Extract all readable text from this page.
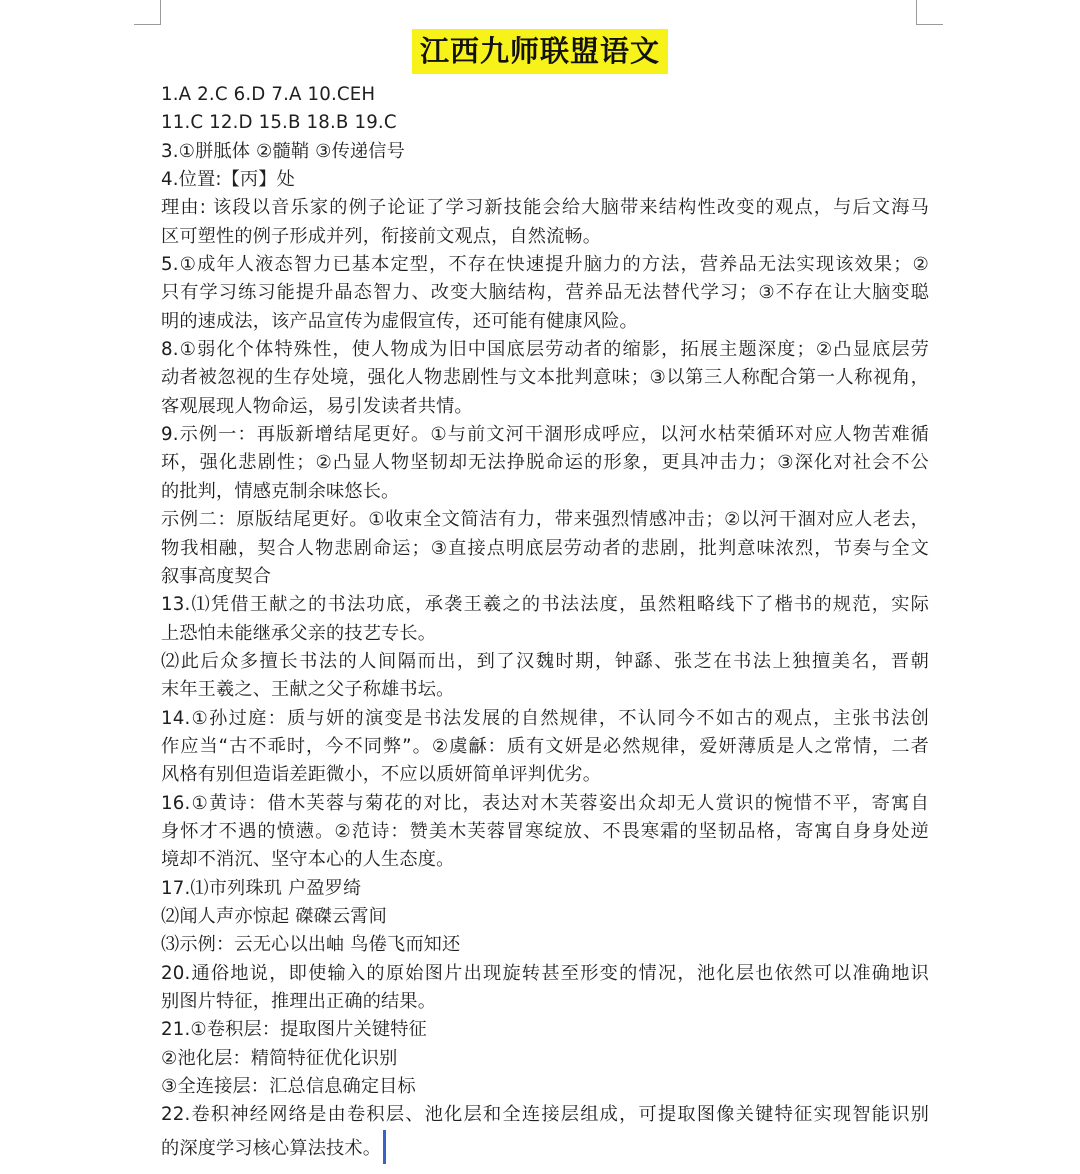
江西九师联盟语文
1.A 2.C 6.D 7.A 10.CEH
11.C 12.D 15.B 18.B 19.C
3.①胼胝体 ②髓鞘 ③传递信号
4.位置:【丙】处
理由: 该段以音乐家的例子论证了学习新技能会给大脑带来结构性改变的观点，与后文海马
区可塑性的例子形成并列，衔接前文观点，自然流畅。
5.①成年人液态智力已基本定型，不存在快速提升脑力的方法，营养品无法实现该效果；②
只有学习练习能提升晶态智力、改变大脑结构，营养品无法替代学习；③不存在让大脑变聪
明的速成法，该产品宣传为虚假宣传，还可能有健康风险。
8.①弱化个体特殊性，使人物成为旧中国底层劳动者的缩影，拓展主题深度；②凸显底层劳
动者被忽视的生存处境，强化人物悲剧性与文本批判意味；③以第三人称配合第一人称视角，
客观展现人物命运，易引发读者共情。
9.示例一：再版新增结尾更好。①与前文河干涸形成呼应，以河水枯荣循环对应人物苦难循
环，强化悲剧性；②凸显人物坚韧却无法挣脱命运的形象，更具冲击力；③深化对社会不公
的批判，情感克制余味悠长。
示例二：原版结尾更好。①收束全文简洁有力，带来强烈情感冲击；②以河干涸对应人老去，
物我相融，契合人物悲剧命运；③直接点明底层劳动者的悲剧，批判意味浓烈，节奏与全文
叙事高度契合
13.⑴凭借王献之的书法功底，承袭王羲之的书法法度，虽然粗略线下了楷书的规范，实际
上恐怕未能继承父亲的技艺专长。
⑵此后众多擅长书法的人间隔而出，到了汉魏时期，钟繇、张芝在书法上独擅美名，晋朝
末年王羲之、王献之父子称雄书坛。
14.①孙过庭：质与妍的演变是书法发展的自然规律，不认同今不如古的观点，主张书法创
作应当“古不乖时，今不同弊”。②虞龢：质有文妍是必然规律，爱妍薄质是人之常情，二者
风格有别但造诣差距微小，不应以质妍简单评判优劣。
16.①黄诗：借木芙蓉与菊花的对比，表达对木芙蓉姿出众却无人赏识的惋惜不平，寄寓自
身怀才不遇的愤懑。②范诗：赞美木芙蓉冒寒绽放、不畏寒霜的坚韧品格，寄寓自身身处逆
境却不消沉、坚守本心的人生态度。
17.⑴市列珠玑 户盈罗绮
⑵闻人声亦惊起 磔磔云霄间
⑶示例：云无心以出岫 鸟倦飞而知还
20.通俗地说，即使输入的原始图片出现旋转甚至形变的情况，池化层也依然可以准确地识
别图片特征，推理出正确的结果。
21.①卷积层：提取图片关键特征
②池化层：精简特征优化识别
③全连接层：汇总信息确定目标
22.卷积神经网络是由卷积层、池化层和全连接层组成，可提取图像关键特征实现智能识别
的深度学习核心算法技术。
